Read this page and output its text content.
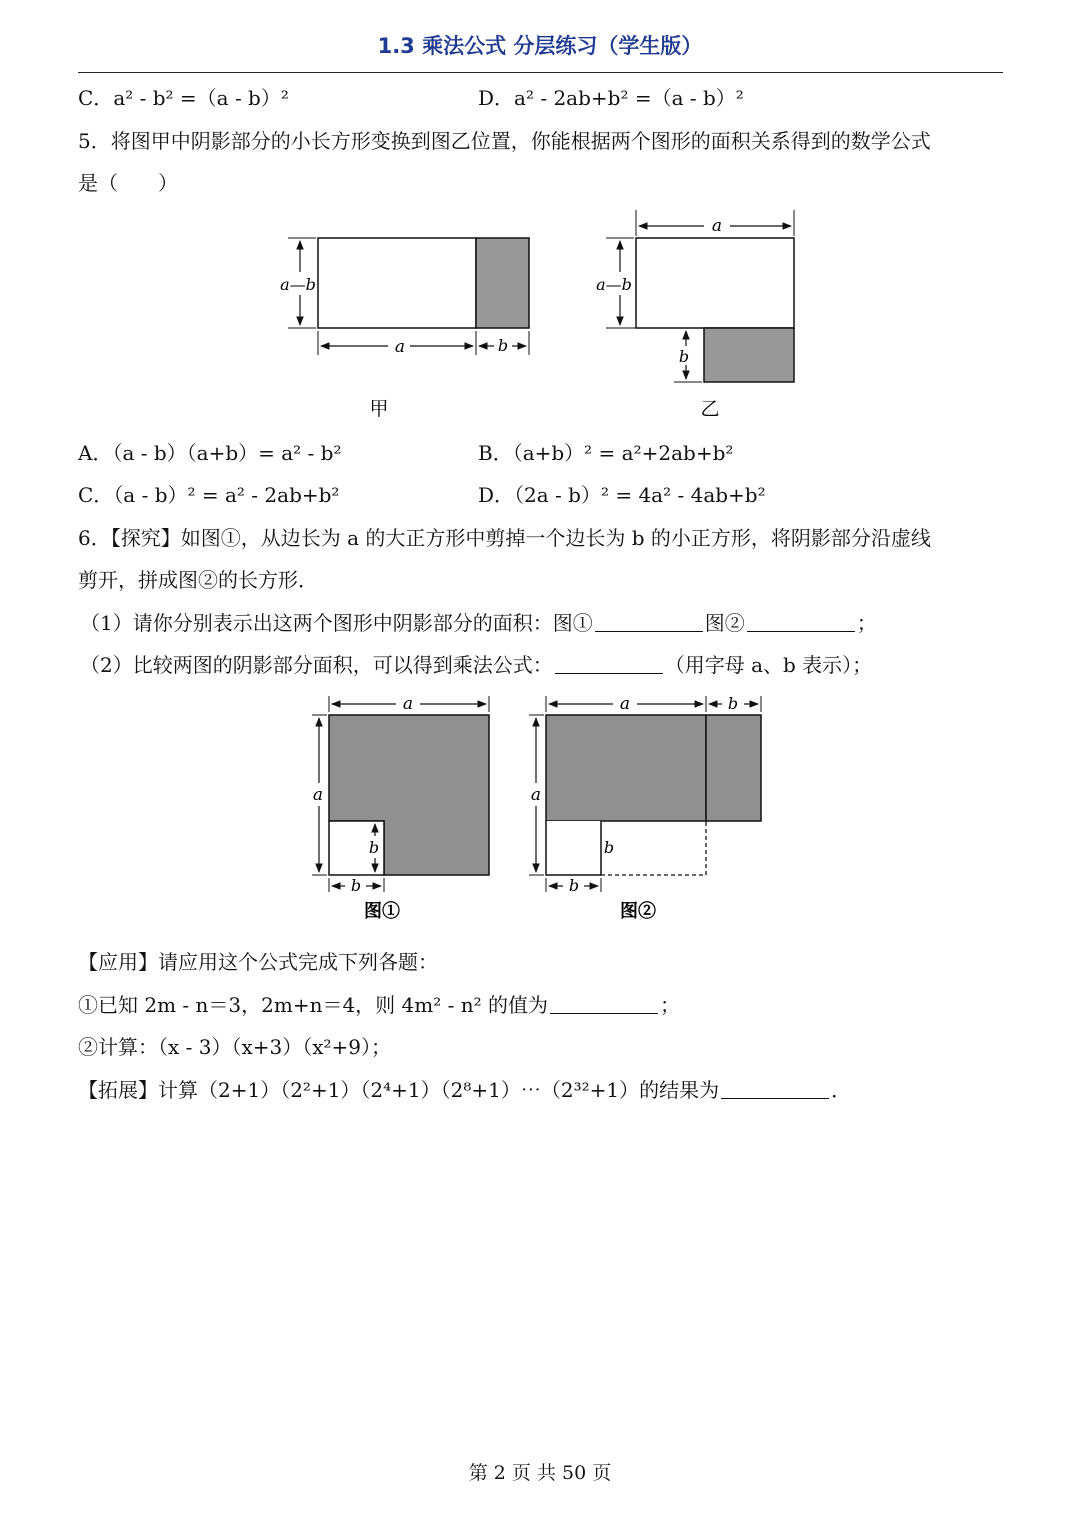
1.3 乘法公式 分层练习（学生版）
C．a² - b² =（a - b）²	D．a² - 2ab+b² =（a - b）²
5．将图甲中阴影部分的小长方形变换到图乙位置，你能根据两个图形的面积关系得到的数学公式
是（　　）
a—b
a	b
甲
a
a—b
b
乙
A．（a - b）（a+b）= a² - b²	B．（a+b）² = a²+2ab+b²
C．（a - b）² = a² - 2ab+b²	D．（2a - b）² = 4a² - 4ab+b²
6．【探究】如图①，从边长为 a 的大正方形中剪掉一个边长为 b 的小正方形，将阴影部分沿虚线
剪开，拼成图②的长方形．
（1）请你分别表示出这两个图形中阴影部分的面积：图①	图②	；
（2）比较两图的阴影部分面积，可以得到乘法公式：	（用字母 a、b 表示）；
a
a
b
b
图①
a	b
a
b
b
图②
【应用】请应用这个公式完成下列各题：
①已知 2m - n＝3，2m+n＝4，则 4m² - n² 的值为	；
②计算：（x - 3）（x+3）（x²+9）；
【拓展】计算（2+1）（2²+1）（2⁴+1）（2⁸+1）⋯（2³²+1）的结果为	．
第 2 页 共 50 页
